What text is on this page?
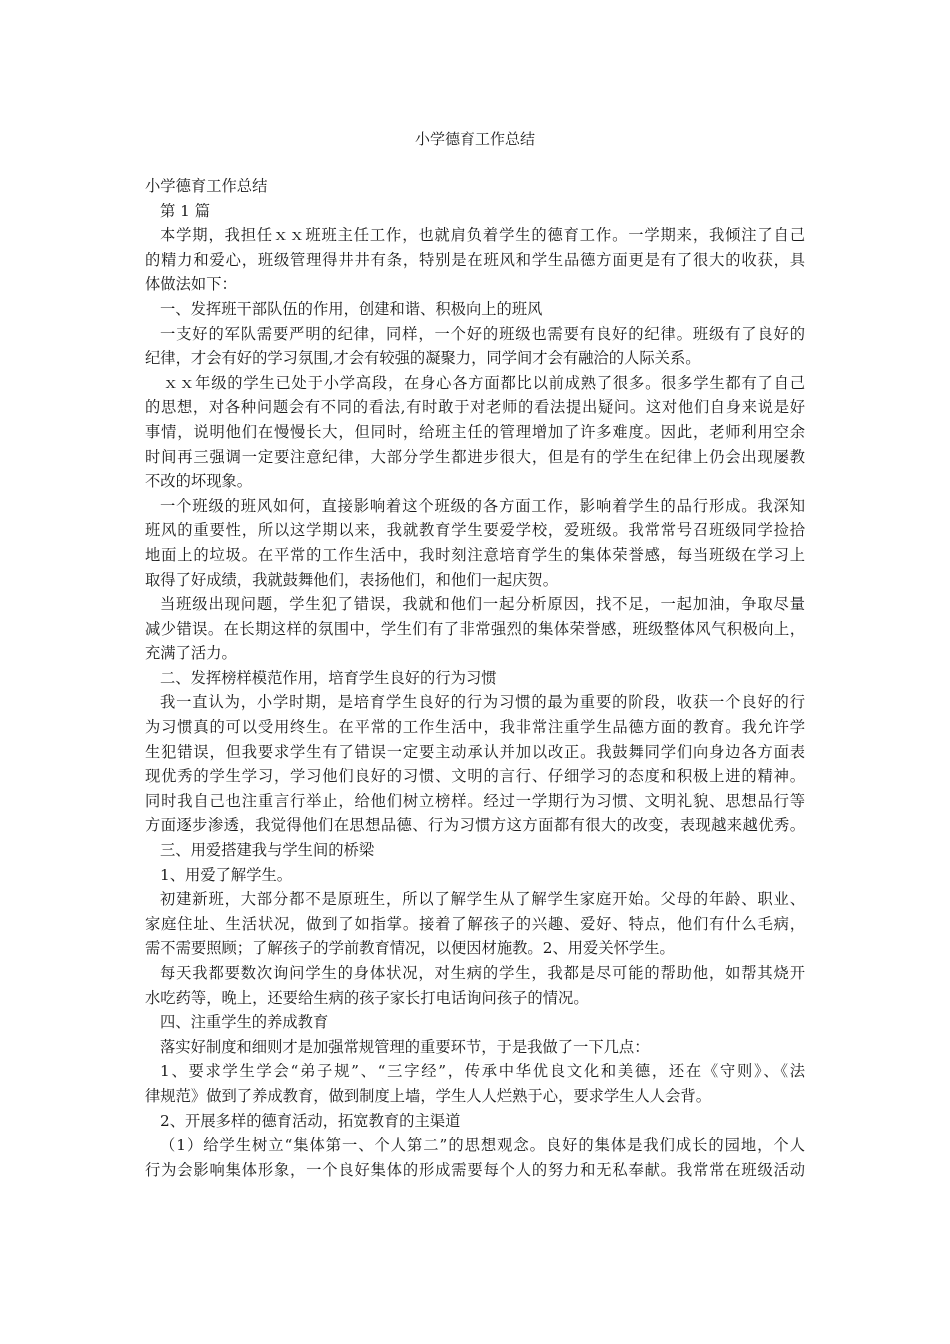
小学德育工作总结
小学德育工作总结
第 1 篇
本学期，我担任ｘｘ班班主任工作，也就肩负着学生的德育工作。一学期来，我倾注了自己
的精力和爱心，班级管理得井井有条，特别是在班风和学生品德方面更是有了很大的收获，具
体做法如下：
一、发挥班干部队伍的作用，创建和谐、积极向上的班风
一支好的军队需要严明的纪律，同样，一个好的班级也需要有良好的纪律。班级有了良好的
纪律，才会有好的学习氛围,才会有较强的凝聚力，同学间才会有融洽的人际关系。
ｘｘ年级的学生已处于小学高段，在身心各方面都比以前成熟了很多。很多学生都有了自己
的思想，对各种问题会有不同的看法,有时敢于对老师的看法提出疑问。这对他们自身来说是好
事情，说明他们在慢慢长大，但同时，给班主任的管理增加了许多难度。因此，老师利用空余
时间再三强调一定要注意纪律，大部分学生都进步很大，但是有的学生在纪律上仍会出现屡教
不改的坏现象。
一个班级的班风如何，直接影响着这个班级的各方面工作，影响着学生的品行形成。我深知
班风的重要性，所以这学期以来，我就教育学生要爱学校，爱班级。我常常号召班级同学捡拾
地面上的垃圾。在平常的工作生活中，我时刻注意培育学生的集体荣誉感，每当班级在学习上
取得了好成绩，我就鼓舞他们，表扬他们，和他们一起庆贺。
当班级出现问题，学生犯了错误，我就和他们一起分析原因，找不足，一起加油，争取尽量
减少错误。在长期这样的氛围中，学生们有了非常强烈的集体荣誉感，班级整体风气积极向上，
充满了活力。
二、发挥榜样模范作用，培育学生良好的行为习惯
我一直认为，小学时期，是培育学生良好的行为习惯的最为重要的阶段，收获一个良好的行
为习惯真的可以受用终生。在平常的工作生活中，我非常注重学生品德方面的教育。我允许学
生犯错误，但我要求学生有了错误一定要主动承认并加以改正。我鼓舞同学们向身边各方面表
现优秀的学生学习，学习他们良好的习惯、文明的言行、仔细学习的态度和积极上进的精神。
同时我自己也注重言行举止，给他们树立榜样。经过一学期行为习惯、文明礼貌、思想品行等
方面逐步渗透，我觉得他们在思想品德、行为习惯方这方面都有很大的改变，表现越来越优秀。
三、用爱搭建我与学生间的桥梁
1、用爱了解学生。
初建新班，大部分都不是原班生，所以了解学生从了解学生家庭开始。父母的年龄、职业、
家庭住址、生活状况，做到了如指掌。接着了解孩子的兴趣、爱好、特点，他们有什么毛病，
需不需要照顾；了解孩子的学前教育情况，以便因材施教。2、用爱关怀学生。
每天我都要数次询问学生的身体状况，对生病的学生，我都是尽可能的帮助他，如帮其烧开
水吃药等，晚上，还要给生病的孩子家长打电话询问孩子的情况。
四、注重学生的养成教育
落实好制度和细则才是加强常规管理的重要环节，于是我做了一下几点：
1、要求学生学会“弟子规”、“三字经”，传承中华优良文化和美德，还在《守则》、《法
律规范》做到了养成教育，做到制度上墙，学生人人烂熟于心，要求学生人人会背。
2、开展多样的德育活动，拓宽教育的主渠道
（1）给学生树立“集体第一、个人第二”的思想观念。良好的集体是我们成长的园地，个人
行为会影响集体形象，一个良好集体的形成需要每个人的努力和无私奉献。我常常在班级活动
